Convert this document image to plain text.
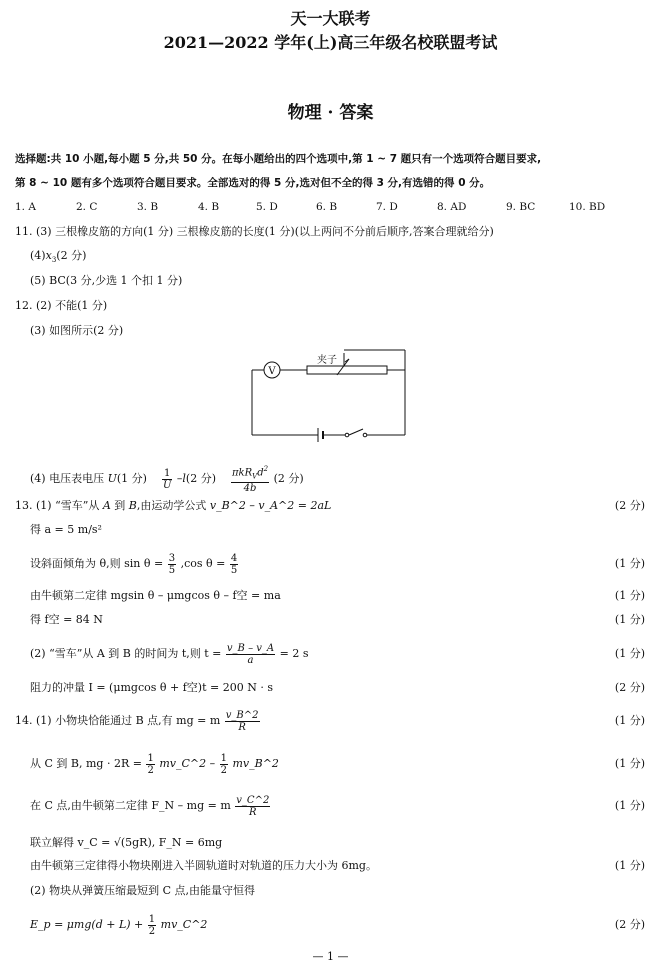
天一大联考
2021—2022 学年(上)高三年级名校联盟考试
物理 · 答案
选择题:共 10 小题,每小题 5 分,共 50 分。在每小题给出的四个选项中,第 1 ~ 7 题只有一个选项符合题目要求,
第 8 ~ 10 题有多个选项符合题目要求。全部选对的得 5 分,选对但不全的得 3 分,有选错的得 0 分。
1. A	2. C	3. B	4. B	5. D	6. B	7. D	8. AD	9. BC	10. BD
11. (3) 三根橡皮筋的方向(1 分) 三根橡皮筋的长度(1 分)(以上两问不分前后顺序,答案合理就给分)
$(4)x_3(2$ 分)
(5) BC(3 分,少选 1 个扣 1 分)
12. (2) 不能(1 分)
(3) 如图所示(2 分)
V
夹子
(4) 电压表电压 U(1 分) $\frac{1}{U} -l(2$ 分) $\pi kR_Vd^2$
4b
(2 分)
13. (1) “雪车”从 A 到 B,由运动学公式 v_B^2 – v_A^2 = 2aL	(2 分)
得 a = 5 m/s²
设斜面倾角为 θ,则 $\sin \theta = \frac{3}{5} ,\cos$ $\theta = \frac{4}{5}$	(1 分)
由牛顿第二定律 mgsin θ – μmgcos θ – f空 = ma	(1 分)
得 f空 = 84 N	(1 分)
(2) “雪车”从 A 到 B 的时间为 t,则 $t = \frac{v\_B - v\_A}{a} = 2$ s	(1 分)
阻力的冲量 I = (μmgcos θ + f空)t = 200 N · s	(2 分)
14. (1) 小物块恰能通过 B 点,有 mg = m $\frac{v\_B\^{}2}{R}$	(1 分)
从 C 到 B, mg · $2R = \frac{1}{2}$ mv_C^2 – $\frac{1}{2}$ mv_B^2	(1 分)
在 C 点,由牛顿第二定律 F_N – mg = m $\frac{v\_C\^{}2}{R}$	(1 分)
联立解得 v_C = √(5gR), F_N = 6mg
由牛顿第三定律得小物块刚进入半圆轨道时对轨道的压力大小为 6mg。	(1 分)
(2) 物块从弹簧压缩最短到 C 点,由能量守恒得
E_p = $\mu mg(d + L) + \frac{1}{2}$ mv_C^2	(2 分)
— 1 —
